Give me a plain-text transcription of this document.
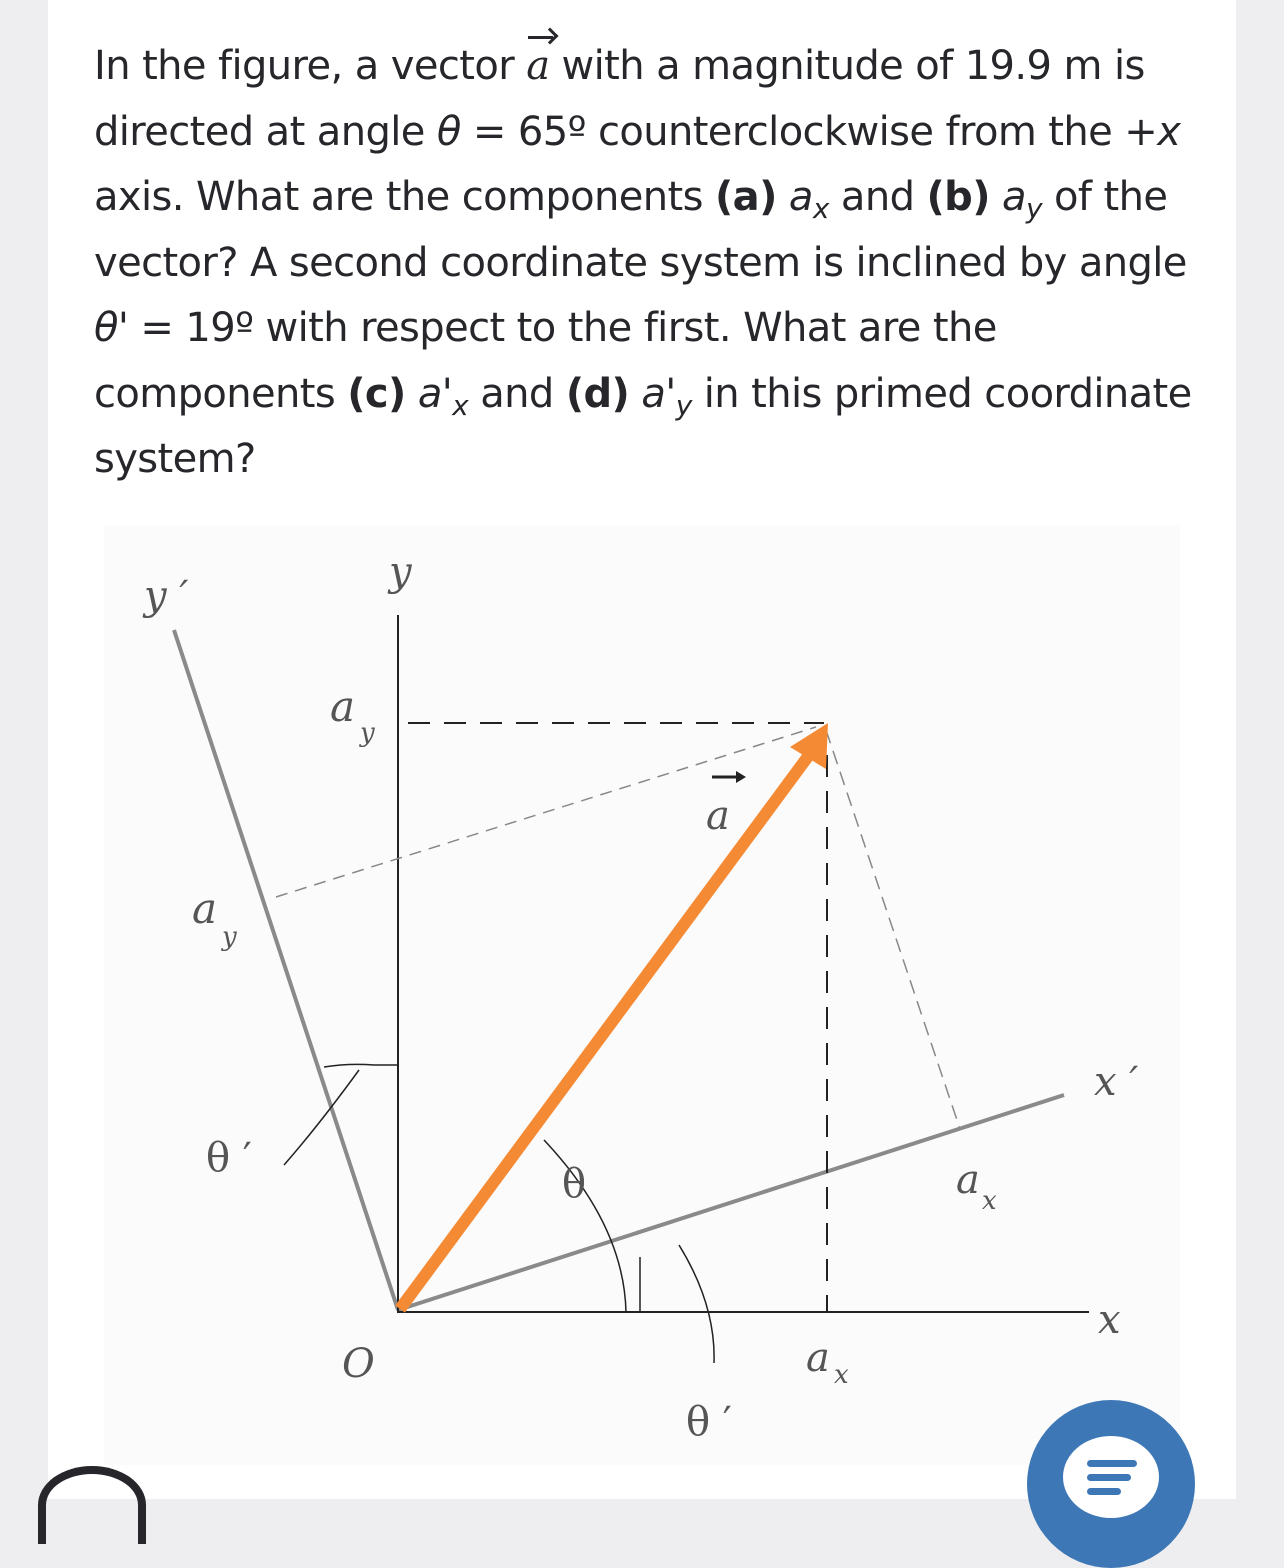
In the figure, a vector a with a magnitude of 19.9 m is directed at angle θ = 65º counterclockwise from the +x axis. What are the components (a) $a_x$ and (b) $a_y$ of the vector? A second coordinate system is inclined by angle θ' = 19º with respect to the first. What are the components (c) $a'_x$ and (d) $a'_y$ in this primed coordinate system?

y ′
y
a
y
a
a
y
θ ′
θ
x ′
a x
x
O	a x
θ ′
